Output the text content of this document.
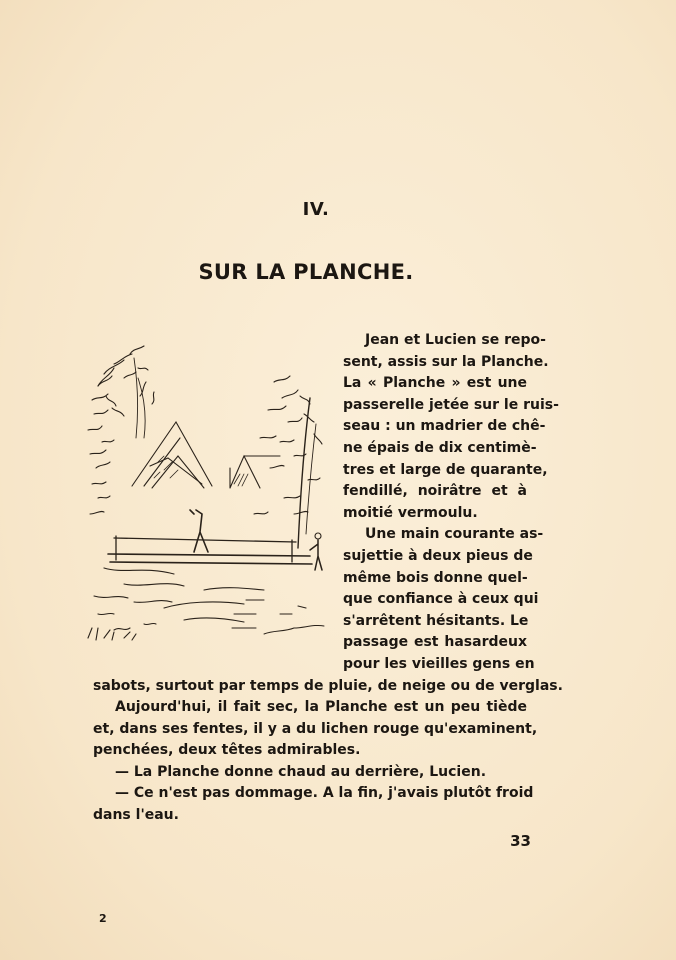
IV.
SUR LA PLANCHE.
Jean et Lucien se repo-
sent, assis sur la Planche.
La « Planche » est une
passerelle jetée sur le ruis-
seau : un madrier de chê-
ne épais de dix centimè-
tres et large de quarante,
fendillé, noirâtre et à
moitié vermoulu.
Une main courante as-
sujettie à deux pieus de
même bois donne quel-
que confiance à ceux qui
s'arrêtent hésitants. Le
passage est hasardeux
pour les vieilles gens en
sabots, surtout par temps de pluie, de neige ou de verglas.
Aujourd'hui, il fait sec, la Planche est un peu tiède
et, dans ses fentes, il y a du lichen rouge qu'examinent,
penchées, deux têtes admirables.
— La Planche donne chaud au derrière, Lucien.
— Ce n'est pas dommage. A la fin, j'avais plutôt froid
dans l'eau.
33
2
